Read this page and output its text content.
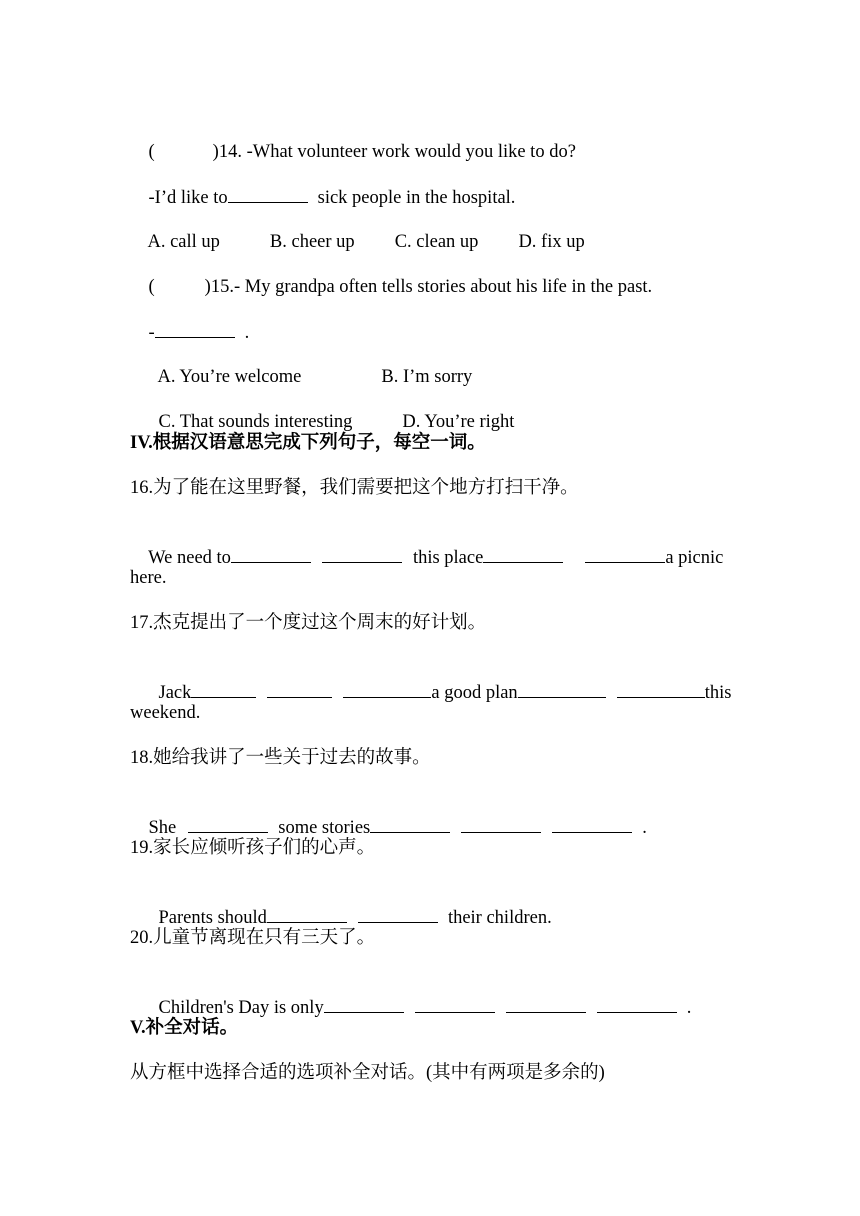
(	)14. -What volunteer work would you like to do?

-I’d like to	sick people in the hospital.

A. call up	B. cheer up C. clean up D. fix up

(	)15.- My grandpa often tells stories about his life in the past.

-	.

A. You’re welcome	B. I’m sorry

C. That sounds interesting	D. You’re right

IV.根据汉语意思完成下列句子，每空一词。
16.为了能在这里野餐，我们需要把这个地方打扫干净。

We need to	this place	a picnic

here.
17.杰克提出了一个度过这个周末的好计划。

Jack	a good plan	this

weekend.
18.她给我讲了一些关于过去的故事。

She	some stories	.

19.家长应倾听孩子们的心声。

Parents should	their children.

20.儿童节离现在只有三天了。

Children's Day is only	.

V.补全对话。
从方框中选择合适的选项补全对话。(其中有两项是多余的)
